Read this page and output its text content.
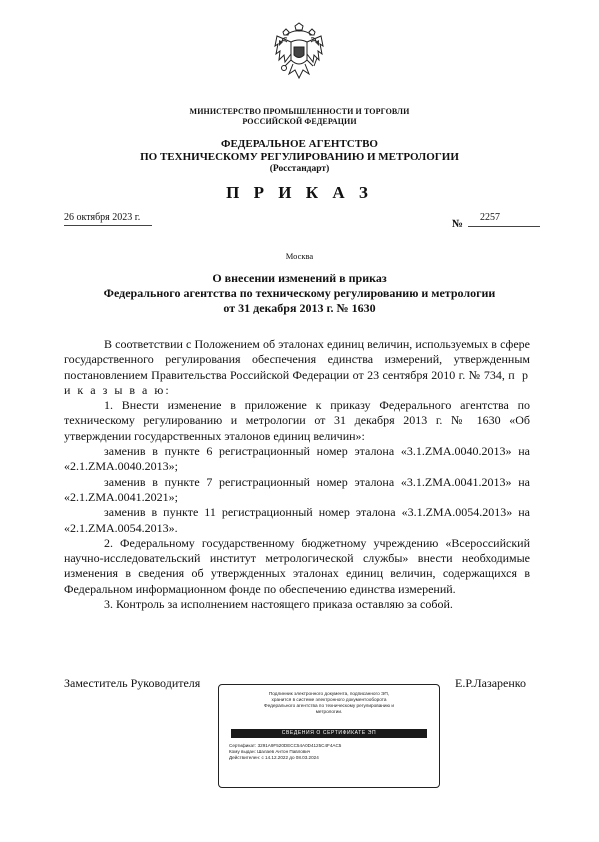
МИНИСТЕРСТВО ПРОМЫШЛЕННОСТИ И ТОРГОВЛИ
РОССИЙСКОЙ ФЕДЕРАЦИИ
ФЕДЕРАЛЬНОЕ АГЕНТСТВО
ПО ТЕХНИЧЕСКОМУ РЕГУЛИРОВАНИЮ И МЕТРОЛОГИИ
(Росстандарт)
П Р И К А З
26 октября 2023 г.
№
2257
Москва
О внесении изменений в приказ
Федерального агентства по техническому регулированию и метрологии
от 31 декабря 2013 г. № 1630

В соответствии с Положением об эталонах единиц величин, используемых в сфере государственного регулирования обеспечения единства измерений, утвержденным постановлением Правительства Российской Федерации от 23 сентября 2010 г. № 734, п р и к а з ы в а ю:

1. Внести изменение в приложение к приказу Федерального агентства по техническому регулированию и метрологии от 31 декабря 2013 г. № 1630 «Об утверждении государственных эталонов единиц величин»:

заменив в пункте 6 регистрационный номер эталона «3.1.ZMA.0040.2013» на «2.1.ZMA.0040.2013»;

заменив в пункте 7 регистрационный номер эталона «3.1.ZMA.0041.2013» на «2.1.ZMA.0041.2021»;

заменив в пункте 11 регистрационный номер эталона «3.1.ZMA.0054.2013» на «2.1.ZMA.0054.2013».

2. Федеральному государственному бюджетному учреждению «Всероссийский научно-исследовательский институт метрологической службы» внести необходимые изменения в сведения об утвержденных эталонах единиц величин, содержащихся в Федеральном информационном фонде по обеспечению единства измерений.

3. Контроль за исполнением настоящего приказа оставляю за собой.

Заместитель Руководителя	Е.Р.Лазаренко
Подлинник электронного документа, подписанного ЭП,
хранится в системе электронного документооборота
Федерального агентства по техническому регулированию и
метрологии.
СВЕДЕНИЯ О СЕРТИФИКАТЕ ЭП
Сертификат: 3291A9F520DECC54A0D4125C4F4AC5
Кому выдан: Шалаев Антон Павлович
Действителен: с 14.12.2022 до 08.03.2024
